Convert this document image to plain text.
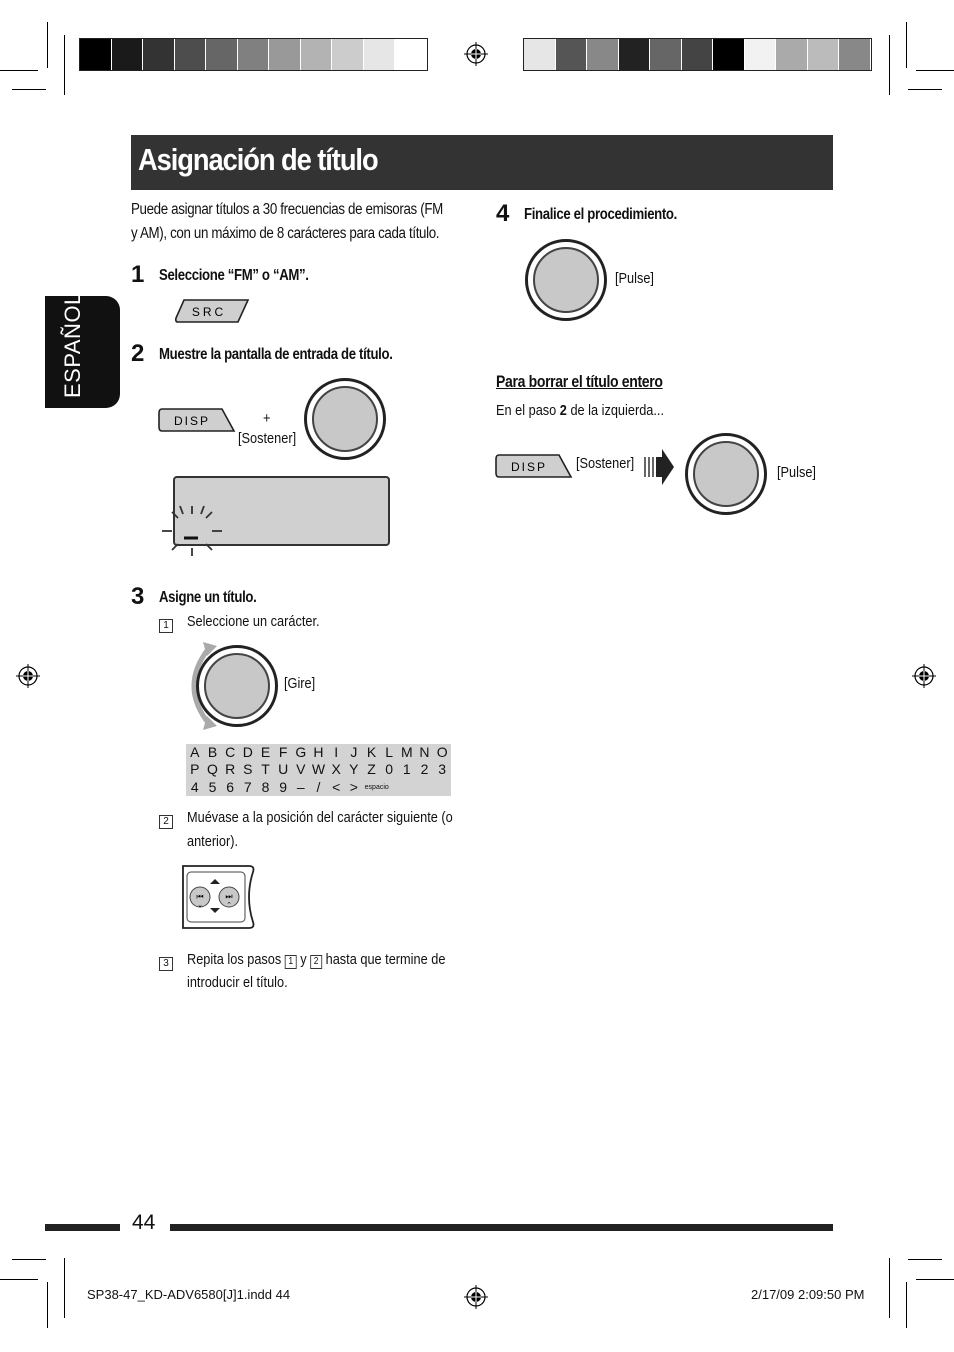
Asignación de título
ESPAÑOL
Puede asignar títulos a 30 frecuencias de emisoras (FM
y AM), con un máximo de 8 carácteres para cada título.
1 Seleccione “FM” o “AM”.
SRC
2 Muestre la pantalla de entrada de título.
DISP	+
[Sostener]
3 Asigne un título.
1 Seleccione un carácter.
[Gire]
A B C D E F G H I J K L M N O
P Q R S T U V W X Y Z 0 1 2 3
4 5 6 7 8 9 – / < > espacio
2 Muévase a la posición del carácter siguiente (o
anterior).
⏮	⏭
⌄	⌃
3 Repita los pasos 1 y 2 hasta que termine de
introducir el título.
4 Finalice el procedimiento.
[Pulse]
Para borrar el título entero
En el paso 2 de la izquierda...
DISP [Sostener]
[Pulse]
44
SP38-47_KD-ADV6580[J]1.indd 44	2/17/09 2:09:50 PM
